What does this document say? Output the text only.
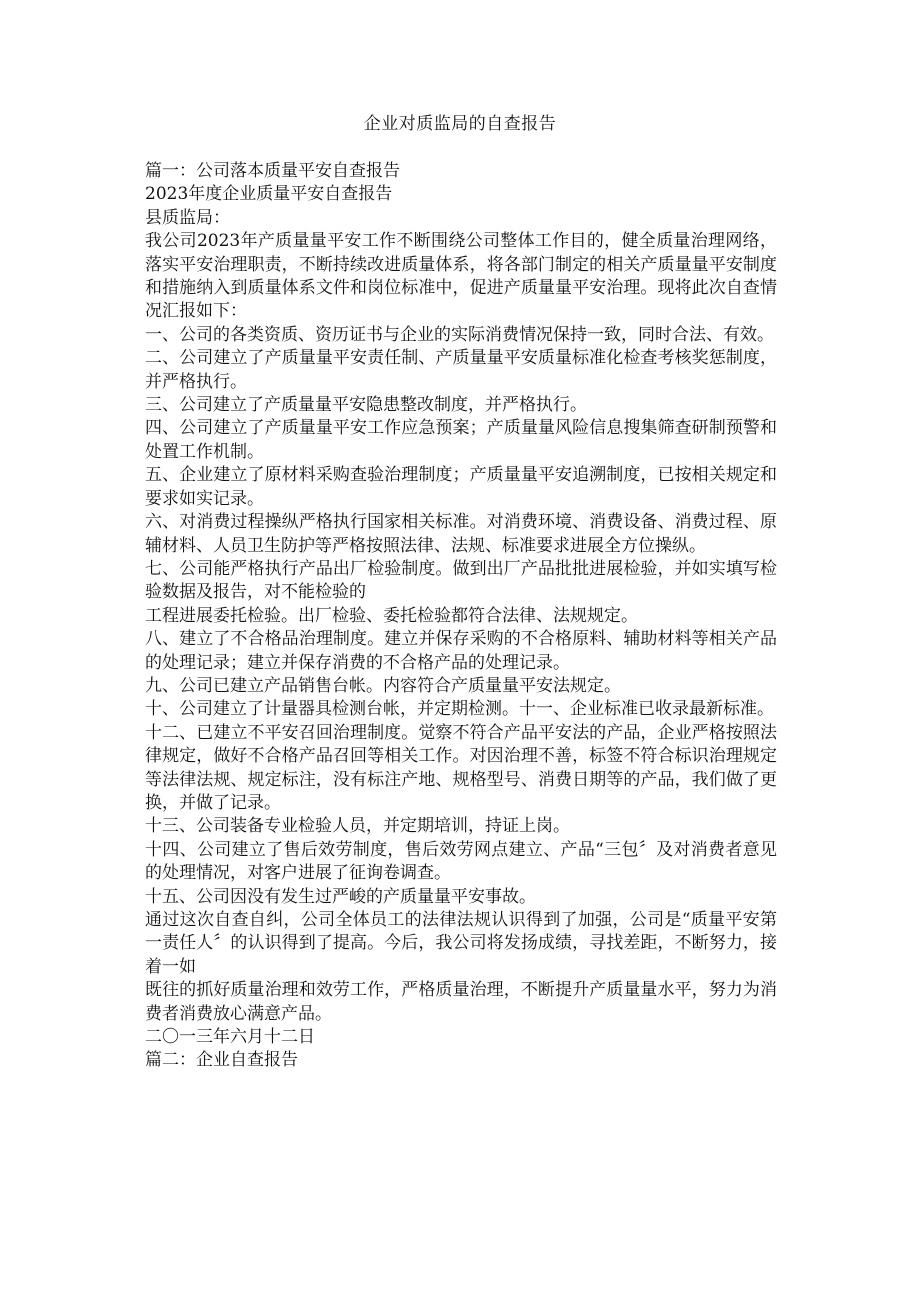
企业对质监局的自查报告

篇一：公司落本质量平安自查报告

2023年度企业质量平安自查报告

县质监局：

我公司2023年产质量量平安工作不断围绕公司整体工作目的，健全质量治理网络，落实平安治理职责，不断持续改进质量体系，将各部门制定的相关产质量量平安制度和措施纳入到质量体系文件和岗位标准中，促进产质量量平安治理。现将此次自查情况汇报如下：

一、公司的各类资质、资历证书与企业的实际消费情况保持一致，同时合法、有效。

二、公司建立了产质量量平安责任制、产质量量平安质量标准化检查考核奖惩制度，并严格执行。

三、公司建立了产质量量平安隐患整改制度，并严格执行。

四、公司建立了产质量量平安工作应急预案；产质量量风险信息搜集筛查研制预警和处置工作机制。

五、企业建立了原材料采购查验治理制度；产质量量平安追溯制度，已按相关规定和要求如实记录。

六、对消费过程操纵严格执行国家相关标准。对消费环境、消费设备、消费过程、原辅材料、人员卫生防护等严格按照法律、法规、标准要求进展全方位操纵。

七、公司能严格执行产品出厂检验制度。做到出厂产品批批进展检验，并如实填写检验数据及报告，对不能检验的

工程进展委托检验。出厂检验、委托检验都符合法律、法规规定。

八、建立了不合格品治理制度。建立并保存采购的不合格原料、辅助材料等相关产品的处理记录；建立并保存消费的不合格产品的处理记录。

九、公司已建立产品销售台帐。内容符合产质量量平安法规定。

十、公司建立了计量器具检测台帐，并定期检测。十一、企业标准已收录最新标准。

十二、已建立不平安召回治理制度。觉察不符合产品平安法的产品，企业严格按照法律规定，做好不合格产品召回等相关工作。对因治理不善，标签不符合标识治理规定等法律法规、规定标注，没有标注产地、规格型号、消费日期等的产品，我们做了更换，并做了记录。

十三、公司装备专业检验人员，并定期培训，持证上岗。

十四、公司建立了售后效劳制度，售后效劳网点建立、产品“三包〞及对消费者意见的处理情况，对客户进展了征询卷调查。

十五、公司因没有发生过严峻的产质量量平安事故。

通过这次自查自纠，公司全体员工的法律法规认识得到了加强，公司是“质量平安第一责任人〞的认识得到了提高。今后，我公司将发扬成绩，寻找差距，不断努力，接着一如

既往的抓好质量治理和效劳工作，严格质量治理，不断提升产质量量水平，努力为消费者消费放心满意产品。

二〇一三年六月十二日

篇二：企业自查报告
